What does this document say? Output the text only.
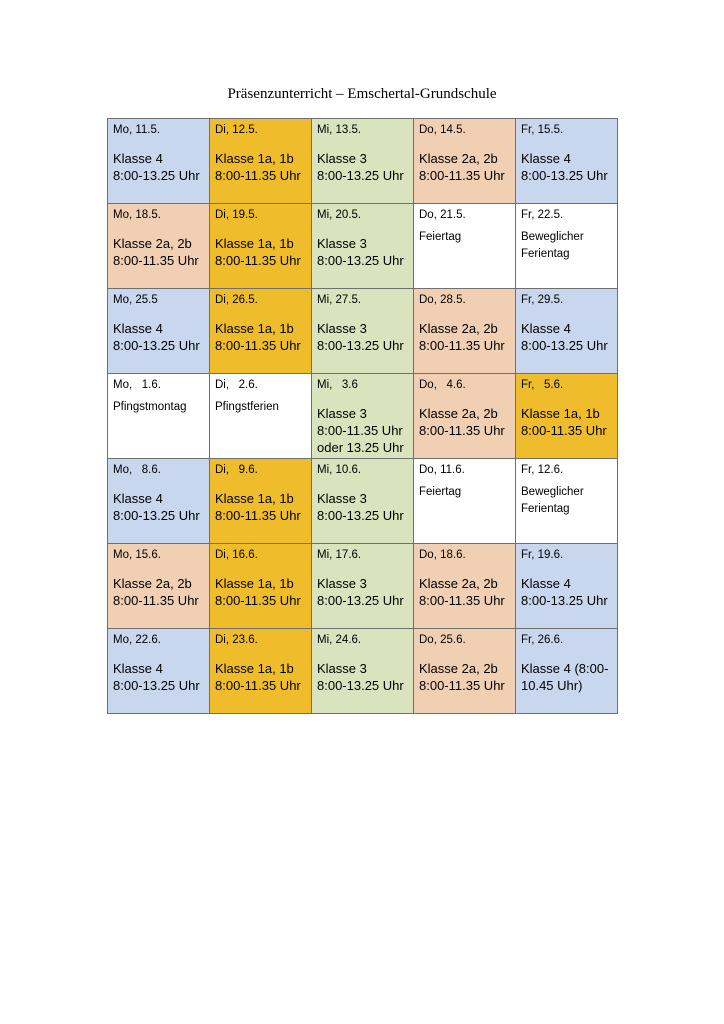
Präsenzunterricht – Emschertal-Grundschule
Mo, 11.5.
Klasse 4
8:00-13.25 Uhr	Di, 12.5.
Klasse 1a, 1b
8:00-11.35 Uhr	Mi, 13.5.
Klasse 3
8:00-13.25 Uhr	Do, 14.5.
Klasse 2a, 2b
8:00-11.35 Uhr	Fr, 15.5.
Klasse 4
8:00-13.25 Uhr

Mo, 18.5.
Klasse 2a, 2b
8:00-11.35 Uhr	Di, 19.5.
Klasse 1a, 1b
8:00-11.35 Uhr	Mi, 20.5.
Klasse 3
8:00-13.25 Uhr	Do, 21.5.
Feiertag	Fr, 22.5.
Beweglicher
Ferientag

Mo, 25.5
Klasse 4
8:00-13.25 Uhr	Di, 26.5.
Klasse 1a, 1b
8:00-11.35 Uhr	Mi, 27.5.
Klasse 3
8:00-13.25 Uhr	Do, 28.5.
Klasse 2a, 2b
8:00-11.35 Uhr	Fr, 29.5.
Klasse 4
8:00-13.25 Uhr

Mo,   1.6.
Pfingstmontag	Di,   2.6.
Pfingstferien	Mi,   3.6
Klasse 3
8:00-11.35 Uhr
oder 13.25 Uhr	Do,   4.6.
Klasse 2a, 2b
8:00-11.35 Uhr	Fr,   5.6.
Klasse 1a, 1b
8:00-11.35 Uhr

Mo,   8.6.
Klasse 4
8:00-13.25 Uhr	Di,   9.6.
Klasse 1a, 1b
8:00-11.35 Uhr	Mi, 10.6.
Klasse 3
8:00-13.25 Uhr	Do, 11.6.
Feiertag	Fr, 12.6.
Beweglicher
Ferientag

Mo, 15.6.
Klasse 2a, 2b
8:00-11.35 Uhr	Di, 16.6.
Klasse 1a, 1b
8:00-11.35 Uhr	Mi, 17.6.
Klasse 3
8:00-13.25 Uhr	Do, 18.6.
Klasse 2a, 2b
8:00-11.35 Uhr	Fr, 19.6.
Klasse 4
8:00-13.25 Uhr

Mo, 22.6.
Klasse 4
8:00-13.25 Uhr	Di, 23.6.
Klasse 1a, 1b
8:00-11.35 Uhr	Mi, 24.6.
Klasse 3
8:00-13.25 Uhr	Do, 25.6.
Klasse 2a, 2b
8:00-11.35 Uhr	Fr, 26.6.
Klasse 4 (8:00-
10.45 Uhr)
